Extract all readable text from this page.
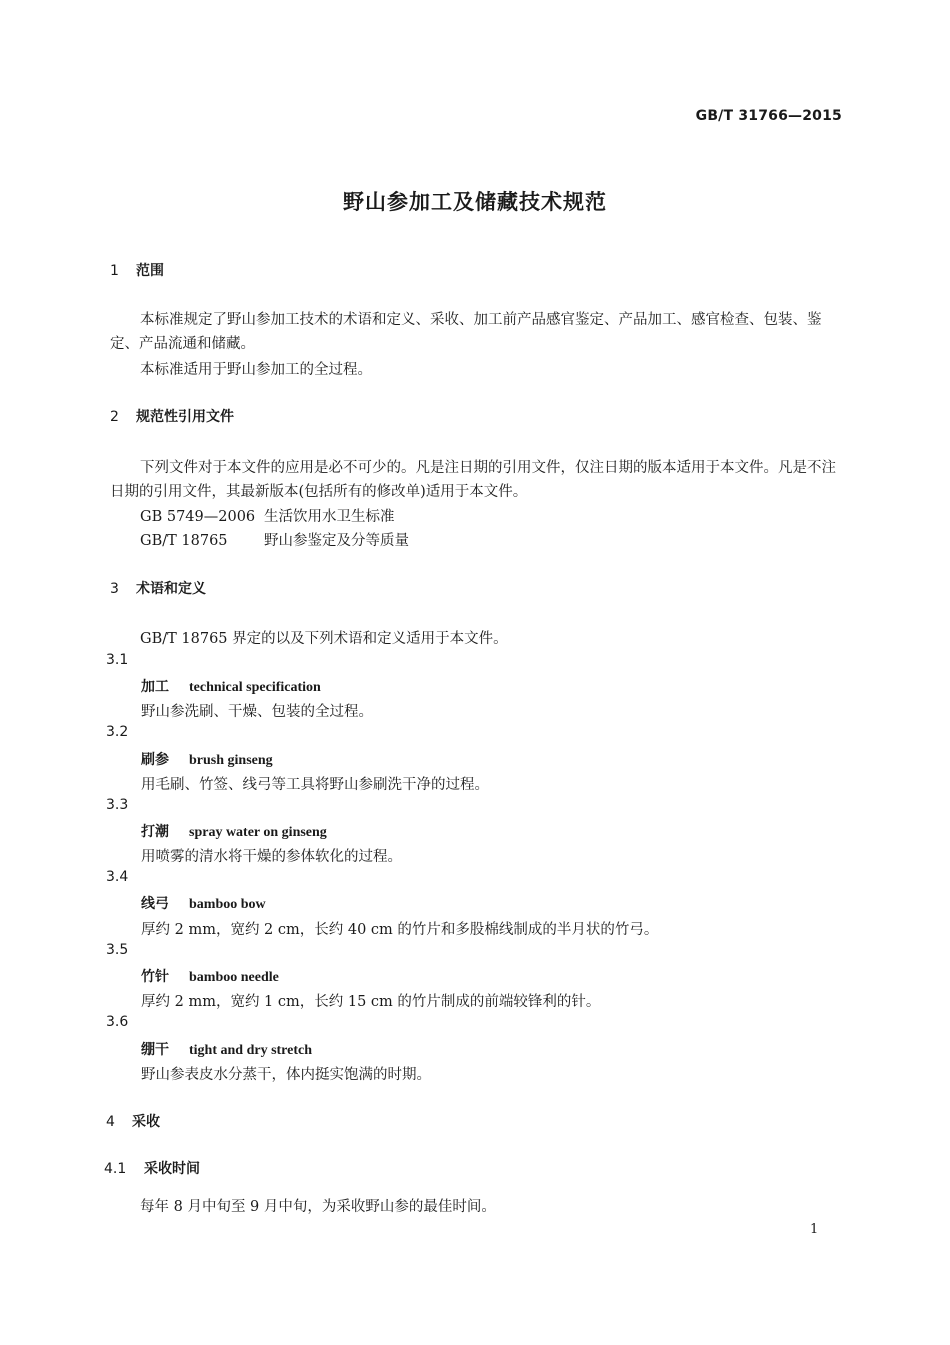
GB/T 31766—2015
野山参加工及储藏技术规范
1 范围
本标准规定了野山参加工技术的术语和定义、采收、加工前产品感官鉴定、产品加工、感官检查、包装、鉴定、产品流通和储藏。
本标准适用于野山参加工的全过程。
2 规范性引用文件
下列文件对于本文件的应用是必不可少的。凡是注日期的引用文件，仅注日期的版本适用于本文件。凡是不注日期的引用文件，其最新版本(包括所有的修改单)适用于本文件。
GB 5749—2006 生活饮用水卫生标准
GB/T 18765	野山参鉴定及分等质量
3 术语和定义
GB/T 18765 界定的以及下列术语和定义适用于本文件。
3.1
加工 technical specification
野山参洗刷、干燥、包装的全过程。
3.2
刷参 brush ginseng
用毛刷、竹签、线弓等工具将野山参刷洗干净的过程。
3.3
打潮 spray water on ginseng
用喷雾的清水将干燥的参体软化的过程。
3.4
线弓 bamboo bow
厚约 2 mm，宽约 2 cm，长约 40 cm 的竹片和多股棉线制成的半月状的竹弓。
3.5
竹针 bamboo needle
厚约 2 mm，宽约 1 cm，长约 15 cm 的竹片制成的前端较锋利的针。
3.6
绷干 tight and dry stretch
野山参表皮水分蒸干，体内挺实饱满的时期。
4 采收
4.1 采收时间
每年 8 月中旬至 9 月中旬，为采收野山参的最佳时间。
1
